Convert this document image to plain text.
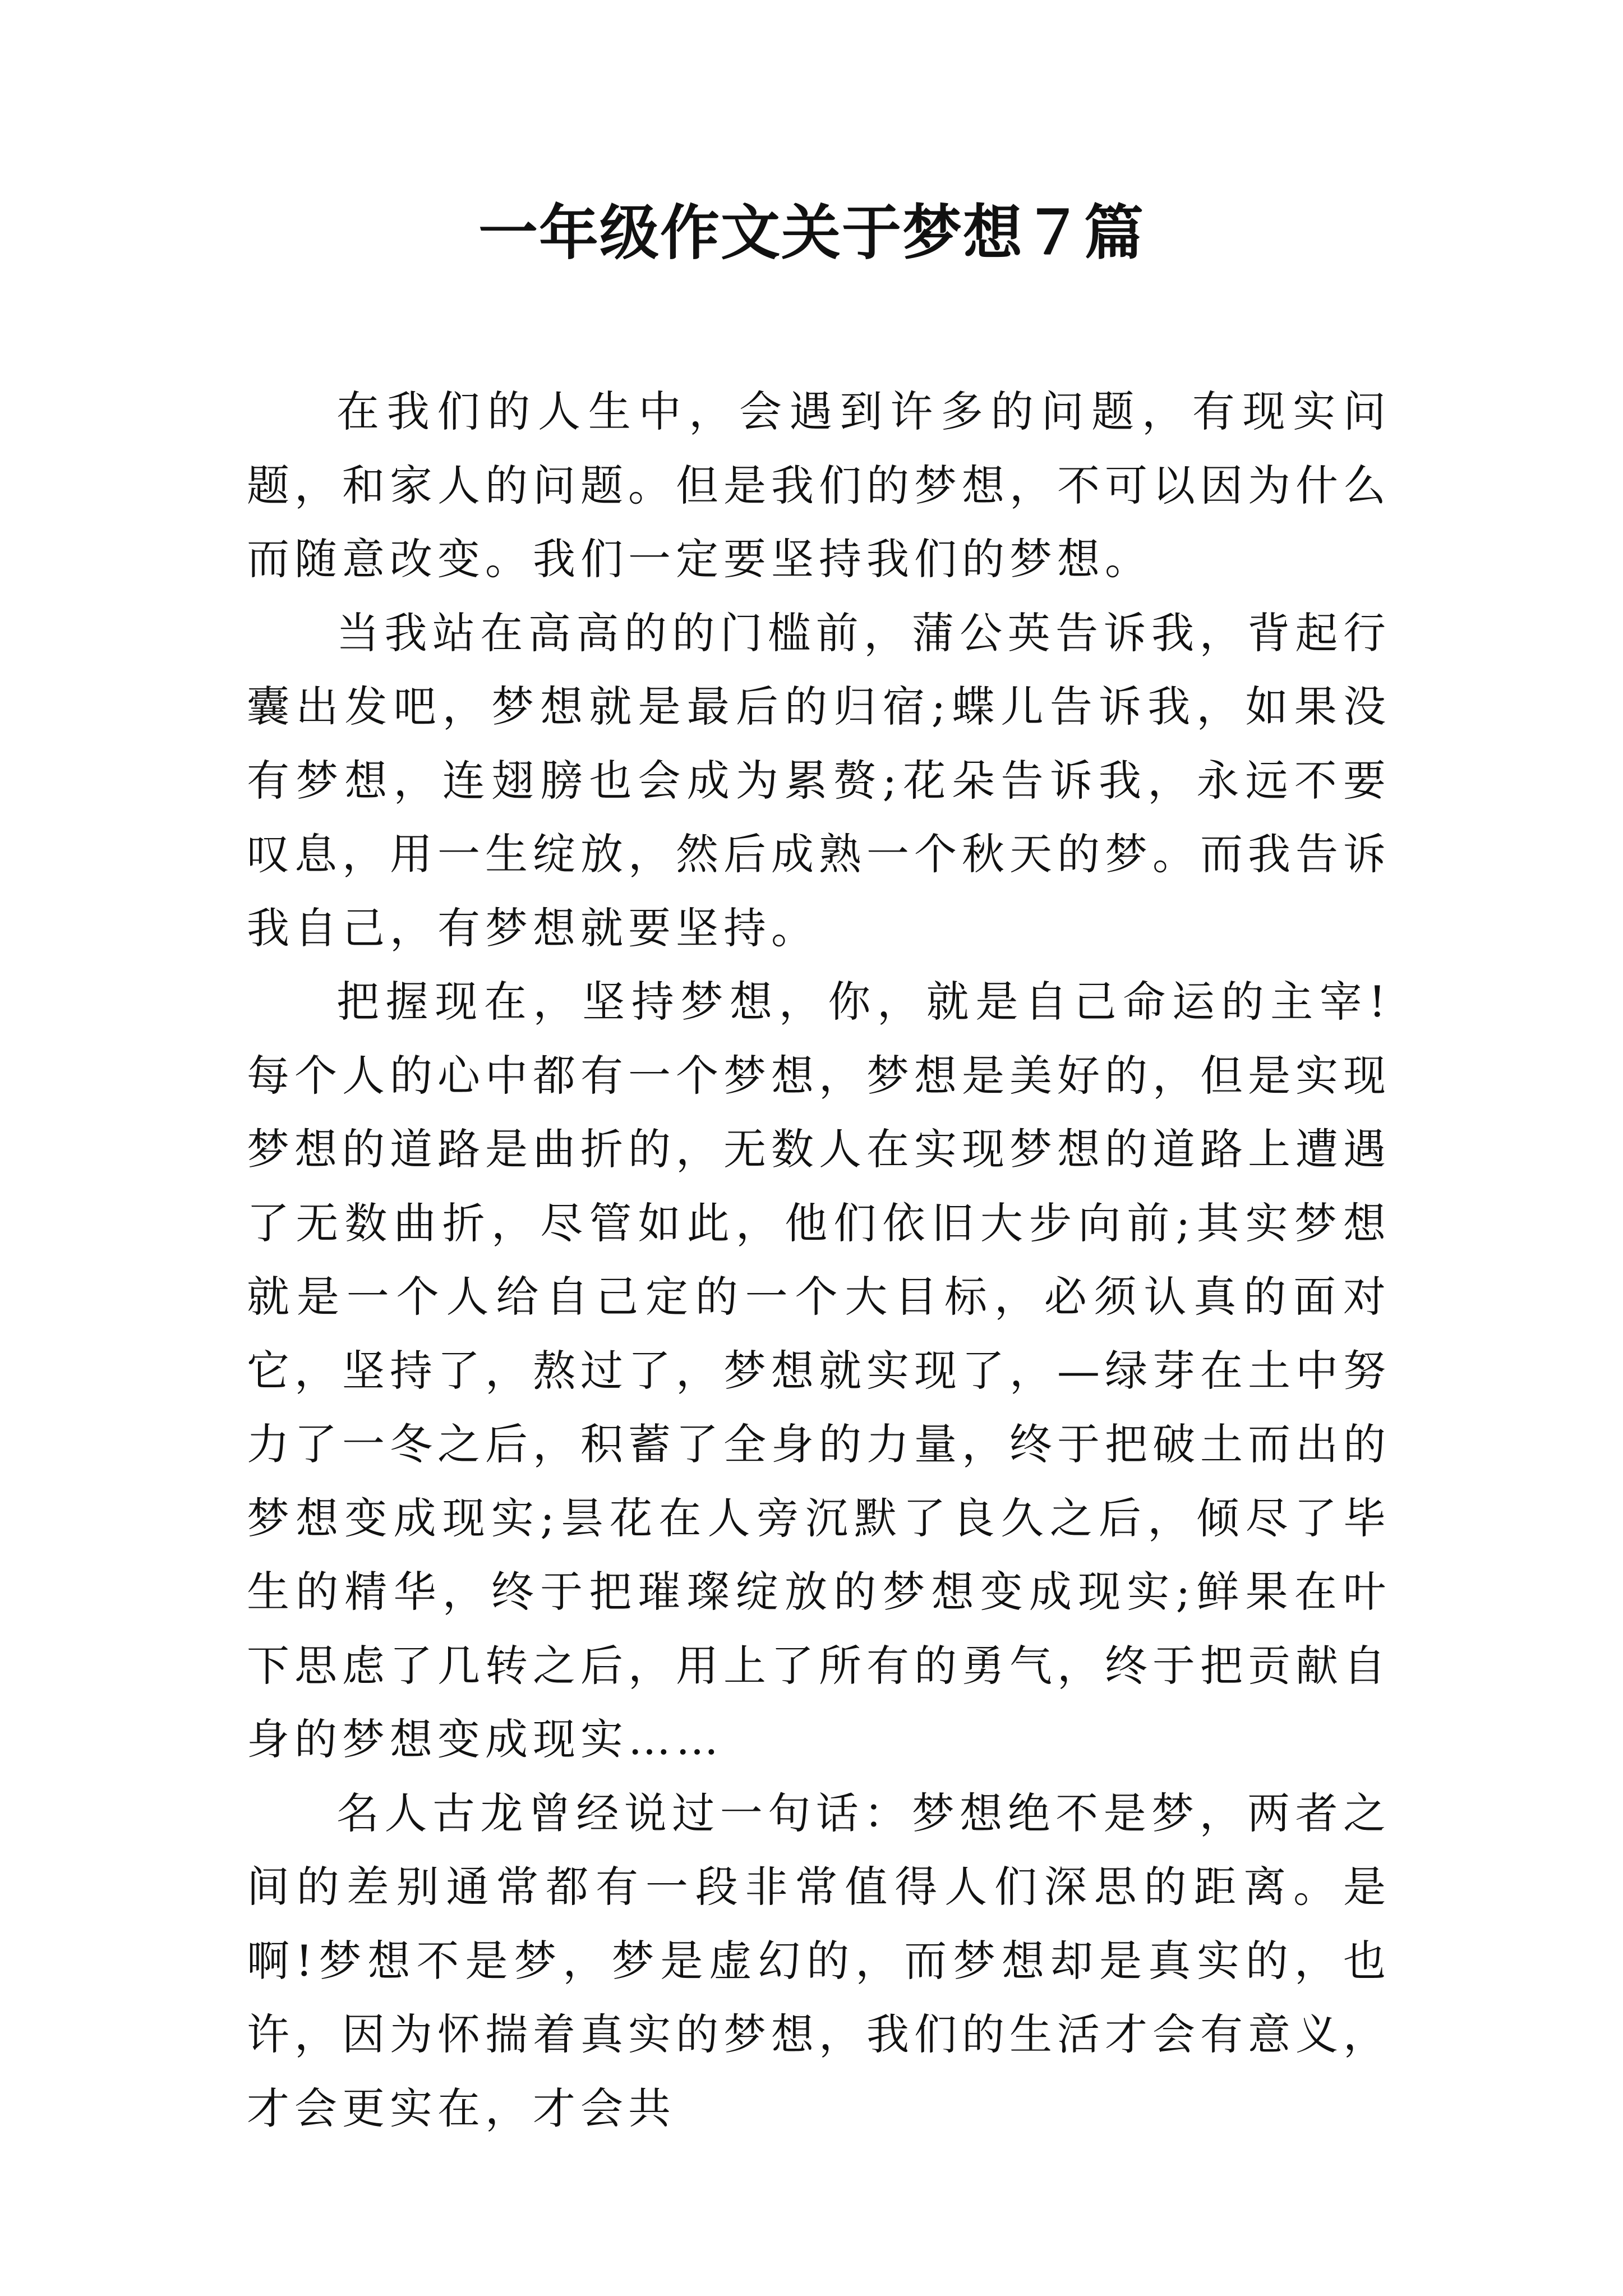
一年级作文关于梦想７篇

在我们的人生中，会遇到许多的问题，有现实问题，和家人的问题。但是我们的梦想，不可以因为什么而随意改变。我们一定要坚持我们的梦想。

当我站在高高的的门槛前，蒲公英告诉我，背起行囊出发吧，梦想就是最后的归宿;蝶儿告诉我，如果没有梦想，连翅膀也会成为累赘;花朵告诉我，永远不要叹息，用一生绽放，然后成熟一个秋天的梦。而我告诉我自己，有梦想就要坚持。

把握现在，坚持梦想，你，就是自己命运的主宰!每个人的心中都有一个梦想，梦想是美好的，但是实现梦想的道路是曲折的，无数人在实现梦想的道路上遭遇了无数曲折，尽管如此，他们依旧大步向前;其实梦想就是一个人给自己定的一个大目标，必须认真的面对它，坚持了，熬过了，梦想就实现了，—绿芽在土中努力了一冬之后，积蓄了全身的力量，终于把破土而出的梦想变成现实;昙花在人旁沉默了良久之后，倾尽了毕生的精华，终于把璀璨绽放的梦想变成现实;鲜果在叶下思虑了几转之后，用上了所有的勇气，终于把贡献自身的梦想变成现实……

名人古龙曾经说过一句话：梦想绝不是梦，两者之间的差别通常都有一段非常值得人们深思的距离。是啊!梦想不是梦，梦是虚幻的，而梦想却是真实的，也许，因为怀揣着真实的梦想，我们的生活才会有意义，才会更实在，才会共
